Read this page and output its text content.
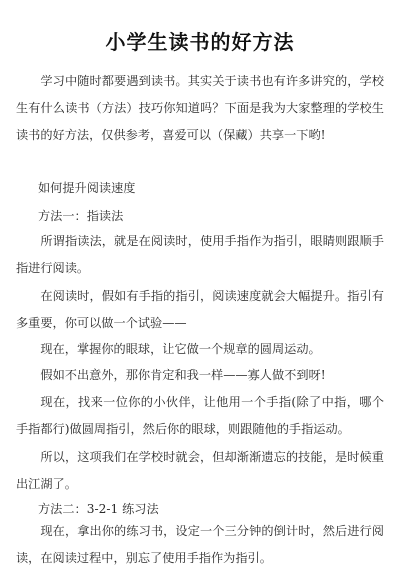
小学生读书的好方法

学习中随时都要遇到读书。其实关于读书也有许多讲究的，学校生有什么读书（方法）技巧你知道吗？下面是我为大家整理的学校生读书的好方法，仅供参考，喜爱可以（保藏）共享一下哟!

如何提升阅读速度
方法一：指读法

所谓指读法，就是在阅读时，使用手指作为指引，眼睛则跟顺手指进行阅读。

在阅读时，假如有手指的指引，阅读速度就会大幅提升。指引有多重要，你可以做一个试验——

现在，掌握你的眼球，让它做一个规章的圆周运动。

假如不出意外，那你肯定和我一样——寡人做不到呀!

现在，找来一位你的小伙伴，让他用一个手指(除了中指，哪个手指都行)做圆周指引，然后你的眼球，则跟随他的手指运动。

所以，这项我们在学校时就会，但却渐渐遗忘的技能，是时候重出江湖了。

方法二：3-2-1 练习法

现在，拿出你的练习书，设定一个三分钟的倒计时，然后进行阅读，在阅读过程中，别忘了使用手指作为指引。
